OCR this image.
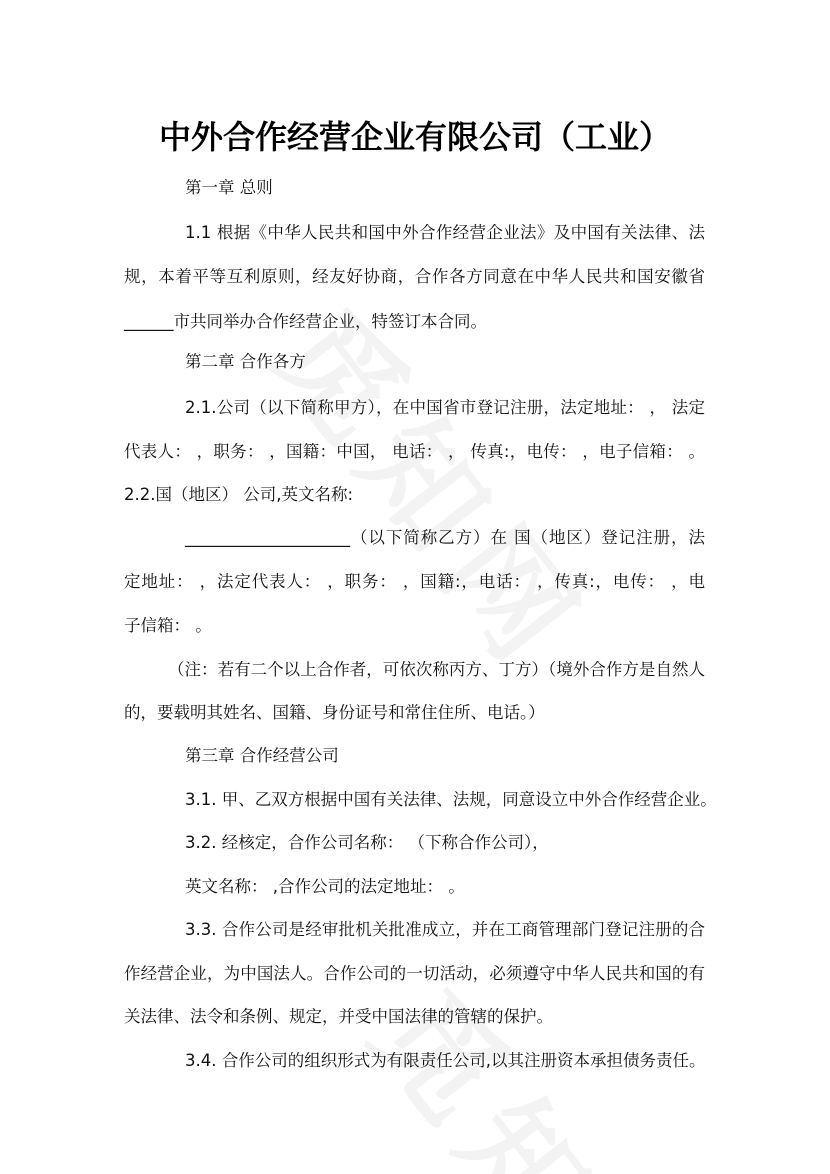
中外合作经营企业有限公司（工业）
第一章 总则
1.1 根据《中华人民共和国中外合作经营企业法》及中国有关法律、法
规，本着平等互利原则，经友好协商，合作各方同意在中华人民共和国安徽省
______市共同举办合作经营企业，特签订本合同。
第二章 合作各方
2.1.公司（以下简称甲方），在中国省市登记注册，法定地址： ， 法定
代表人： ，职务： ，国籍：中国， 电话： ， 传真:，电传： ，电子信箱： 。
2.2.国（地区） 公司,英文名称:
____________________（以下简称乙方）在 国（地区）登记注册，法
定地址： ，法定代表人： ，职务： ，国籍:，电话： ，传真:，电传： ，电
子信箱： 。
（注：若有二个以上合作者，可依次称丙方、丁方）（境外合作方是自然人
的，要载明其姓名、国籍、身份证号和常住住所、电话。）
第三章 合作经营公司
3.1. 甲、乙双方根据中国有关法律、法规，同意设立中外合作经营企业。
3.2. 经核定，合作公司名称： （下称合作公司），
英文名称： ,合作公司的法定地址： 。
3.3. 合作公司是经审批机关批准成立，并在工商管理部门登记注册的合
作经营企业，为中国法人。合作公司的一切活动，必须遵守中华人民共和国的有
关法律、法令和条例、规定，并受中国法律的管辖的保护。
3.4. 合作公司的组织形式为有限责任公司,以其注册资本承担债务责任。
